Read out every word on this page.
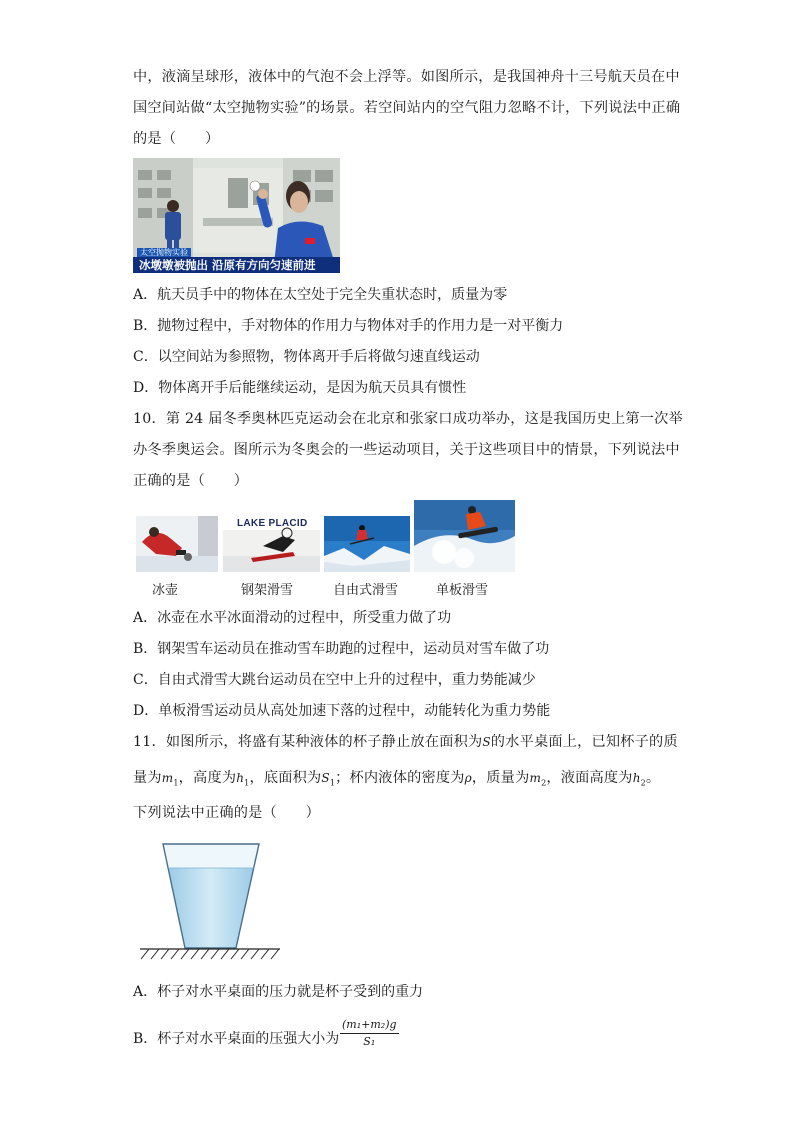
中，液滴呈球形，液体中的气泡不会上浮等。如图所示，是我国神舟十三号航天员在中
国空间站做“太空抛物实验”的场景。若空间站内的空气阻力忽略不计，下列说法中正确
的是（　　）
太空抛物实验
冰墩墩被抛出 沿原有方向匀速前进
A．航天员手中的物体在太空处于完全失重状态时，质量为零
B．抛物过程中，手对物体的作用力与物体对手的作用力是一对平衡力
C．以空间站为参照物，物体离开手后将做匀速直线运动
D．物体离开手后能继续运动，是因为航天员具有惯性
10．第 24 届冬季奥林匹克运动会在北京和张家口成功举办，这是我国历史上第一次举
办冬季奥运会。图所示为冬奥会的一些运动项目，关于这些项目中的情景，下列说法中
正确的是（　　）
LAKE PLACID
冰壶	钢架滑雪	自由式滑雪	单板滑雪
A．冰壶在水平冰面滑动的过程中，所受重力做了功
B．钢架雪车运动员在推动雪车助跑的过程中，运动员对雪车做了功
C．自由式滑雪大跳台运动员在空中上升的过程中，重力势能减少
D．单板滑雪运动员从高处加速下落的过程中，动能转化为重力势能
11．如图所示，将盛有某种液体的杯子静止放在面积为S的水平桌面上，已知杯子的质
量为$m_1$，高度为$h_1$，底面积为$S_1$；杯内液体的密度为ρ，质量为$m_2$，液面高度为$h_2$。
下列说法中正确的是（　　）
A．杯子对水平桌面的压力就是杯子受到的重力
B．杯子对水平桌面的压强大小为 $\frac{\text{(m₁+m₂)g}}{\text{S₁}}$
